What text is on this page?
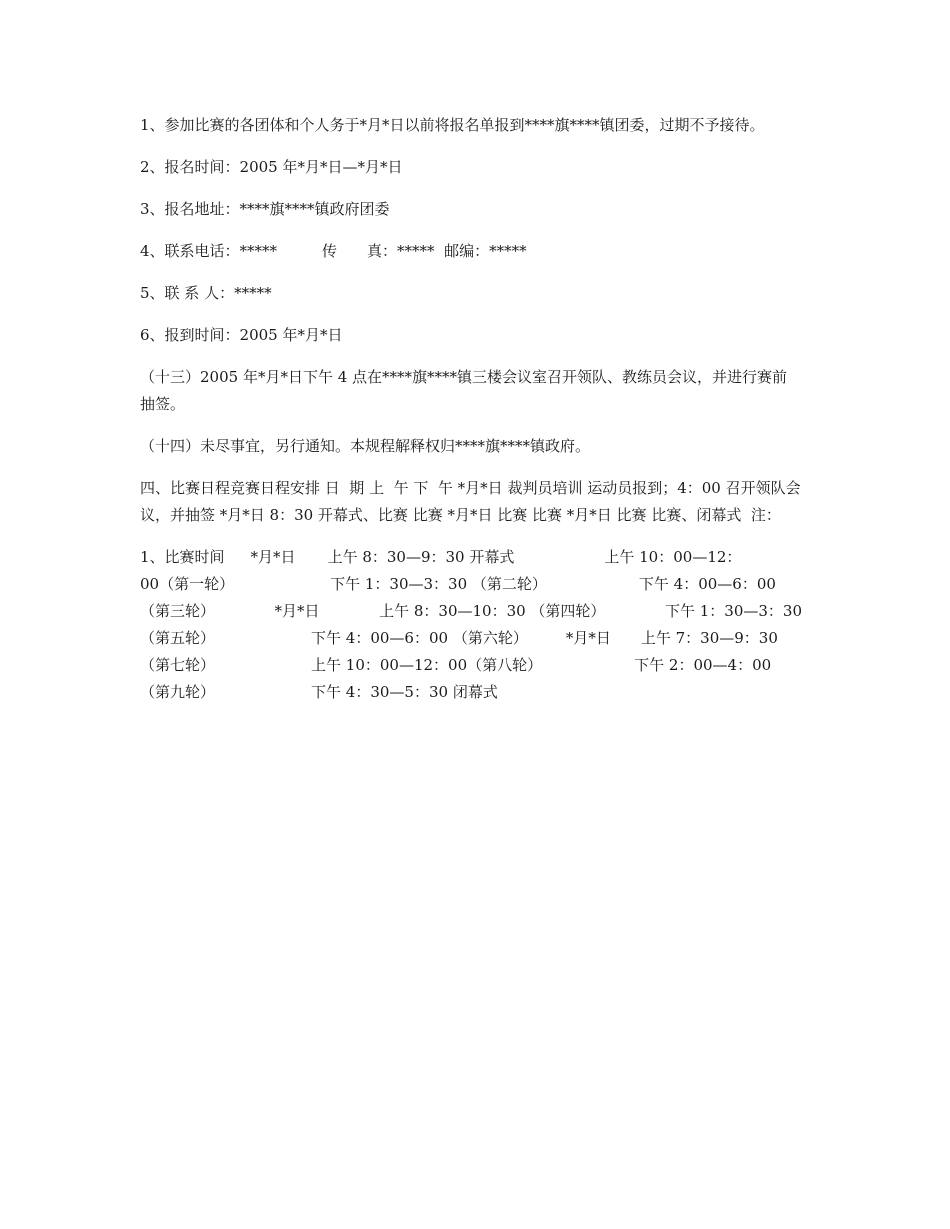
1、参加比赛的各团体和个人务于*月*日以前将报名单报到****旗****镇团委，过期不予接待。

2、报名时间：2005 年*月*日—*月*日

3、报名地址：****旗****镇政府团委

4、联系电话：*****　　　传　　真：*****  邮编：*****

5、联 系 人：*****

6、报到时间：2005 年*月*日

（十三）2005 年*月*日下午 4 点在****旗****镇三楼会议室召开领队、教练员会议，并进行赛前抽签。

（十四）未尽事宜，另行通知。本规程解释权归****旗****镇政府。

四、比赛日程竞赛日程安排 日  期 上  午 下  午 *月*日 裁判员培训 运动员报到；4：00 召开领队会议，并抽签 *月*日 8：30 开幕式、比赛 比赛 *月*日 比赛 比赛 *月*日 比赛 比赛、闭幕式  注：

1、比赛时间 *月*日 上午 8：30—9：30 开幕式	上午 10：00—12：
00（第一轮）	下午 1：30—3：30 （第二轮）	下午 4：00—6：00
（第三轮）	*月*日	上午 8：30—10：30 （第四轮）	下午 1：30—3：30
（第五轮）	下午 4：00—6：00 （第六轮）	*月*日 上午 7：30—9：30
（第七轮）	上午 10：00—12：00（第八轮）	下午 2：00—4：00
（第九轮）	下午 4：30—5：30 闭幕式
